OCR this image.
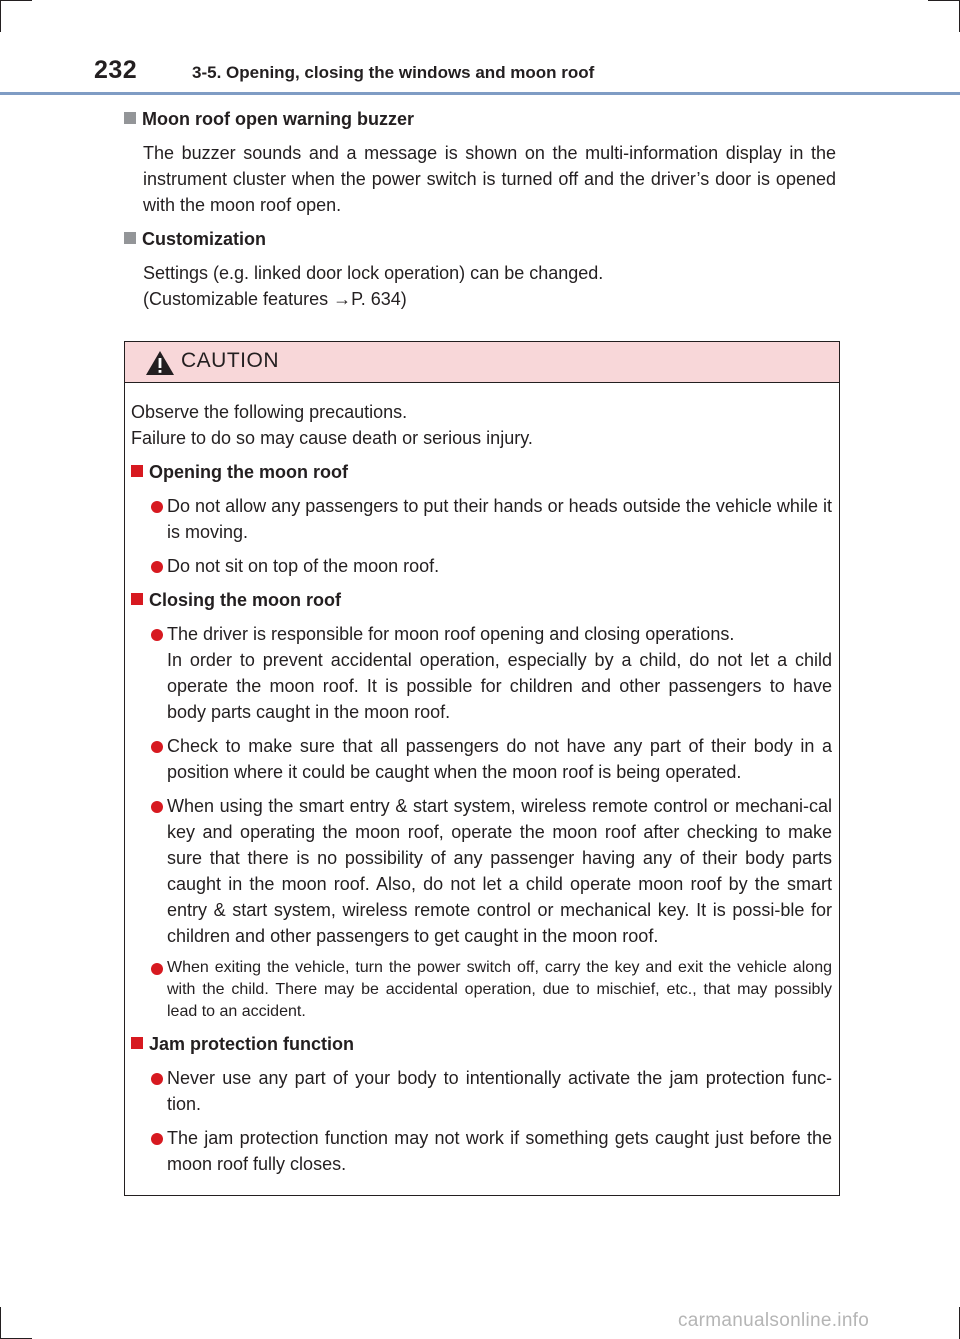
232	3-5. Opening, closing the windows and moon roof

Moon roof open warning buzzer

The buzzer sounds and a message is shown on the multi-information display in the instrument cluster when the power switch is turned off and the driver’s door is opened with the moon roof open.

Customization

Settings (e.g. linked door lock operation) can be changed.
(Customizable features →P. 634)

CAUTION

Observe the following precautions.
Failure to do so may cause death or serious injury.

Opening the moon roof

Do not allow any passengers to put their hands or heads outside the vehicle while it is moving.

Do not sit on top of the moon roof.

Closing the moon roof

The driver is responsible for moon roof opening and closing operations.
In order to prevent accidental operation, especially by a child, do not let a child operate the moon roof. It is possible for children and other passengers to have body parts caught in the moon roof.

Check to make sure that all passengers do not have any part of their body in a position where it could be caught when the moon roof is being operated.

When using the smart entry & start system, wireless remote control or mechani-cal key and operating the moon roof, operate the moon roof after checking to make sure that there is no possibility of any passenger having any of their body parts caught in the moon roof. Also, do not let a child operate moon roof by the smart entry & start system, wireless remote control or mechanical key. It is possi-ble for children and other passengers to get caught in the moon roof.

When exiting the vehicle, turn the power switch off, carry the key and exit the vehicle along with the child. There may be accidental operation, due to mischief, etc., that may possibly lead to an accident.

Jam protection function

Never use any part of your body to intentionally activate the jam protection func-tion.

The jam protection function may not work if something gets caught just before the moon roof fully closes.

carmanualsonline.info
